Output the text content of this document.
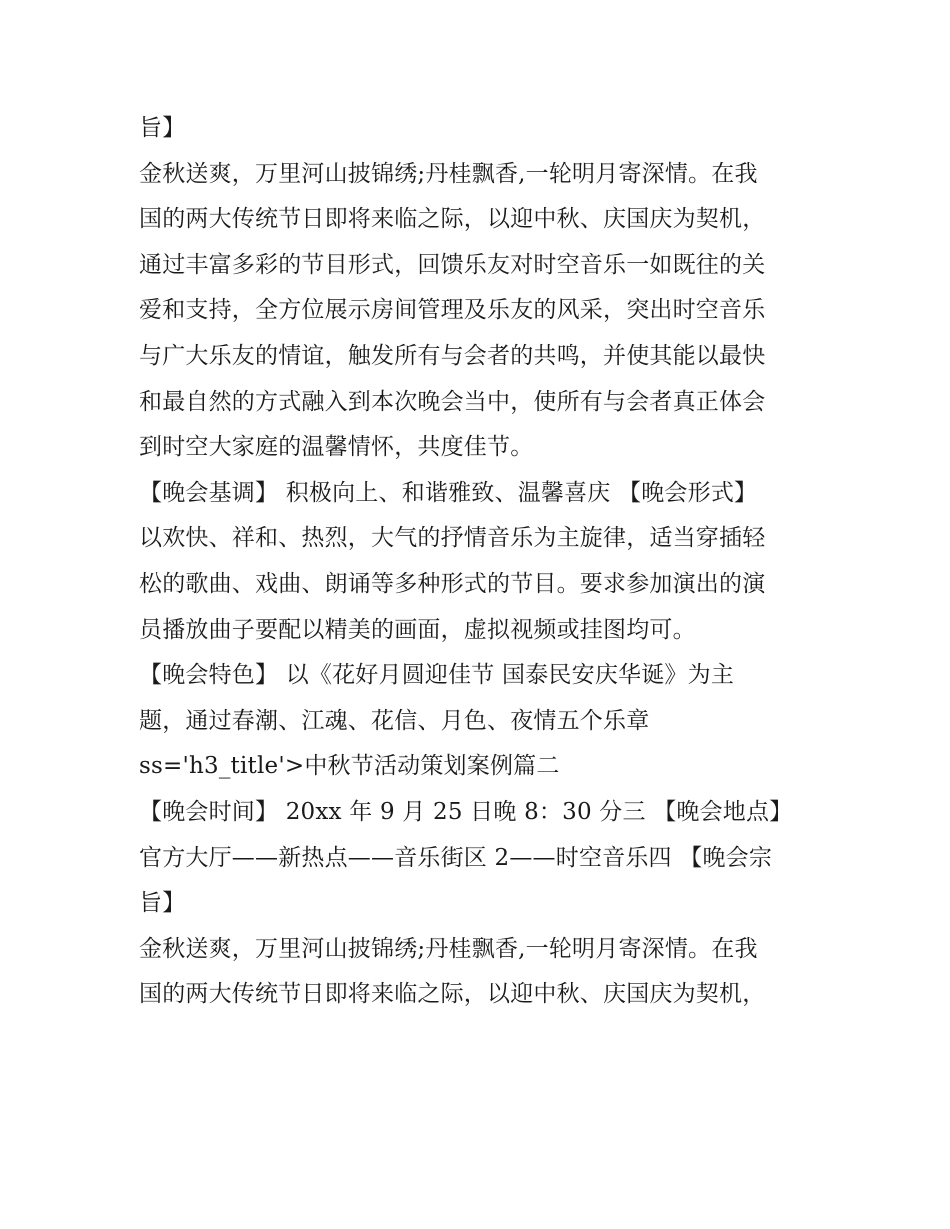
旨】
金秋送爽，万里河山披锦绣;丹桂飘香,一轮明月寄深情。在我
国的两大传统节日即将来临之际，以迎中秋、庆国庆为契机，
通过丰富多彩的节目形式，回馈乐友对时空音乐一如既往的关
爱和支持，全方位展示房间管理及乐友的风采，突出时空音乐
与广大乐友的情谊，触发所有与会者的共鸣，并使其能以最快
和最自然的方式融入到本次晚会当中，使所有与会者真正体会
到时空大家庭的温馨情怀，共度佳节。
【晚会基调】 积极向上、和谐雅致、温馨喜庆 【晚会形式】
以欢快、祥和、热烈，大气的抒情音乐为主旋律，适当穿插轻
松的歌曲、戏曲、朗诵等多种形式的节目。要求参加演出的演
员播放曲子要配以精美的画面，虚拟视频或挂图均可。
【晚会特色】 以《花好月圆迎佳节 国泰民安庆华诞》为主
题，通过春潮、江魂、花信、月色、夜情五个乐章
ss='h3_title'>中秋节活动策划案例篇二
【晚会时间】 20xx 年 9 月 25 日晚 8：30 分三 【晚会地点】
官方大厅——新热点——音乐街区 2——时空音乐四 【晚会宗
旨】
金秋送爽，万里河山披锦绣;丹桂飘香,一轮明月寄深情。在我
国的两大传统节日即将来临之际，以迎中秋、庆国庆为契机，
